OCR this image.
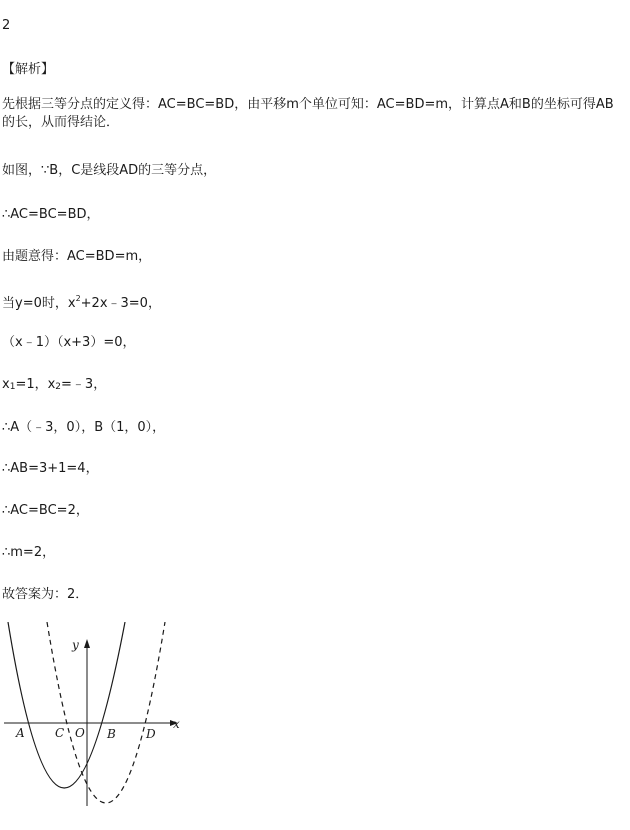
2
【解析】
先根据三等分点的定义得：AC=BC=BD，由平移m个单位可知：AC=BD=m，计算点A和B的坐标可得AB的长，从而得结论．
如图，∵B，C是线段AD的三等分点，
∴AC=BC=BD，
由题意得：AC=BD=m，
当y=0时，$x^2+2x﹣3=0$，
（x﹣1）（x+3）=0，
$x_1=1$，$x_2=﹣3$，
∴A（﹣3，0），B（1，0），
∴AB=3+1=4，
∴AC=BC=2，
∴m=2，
故答案为：2．
x
y
A	C O B	D
